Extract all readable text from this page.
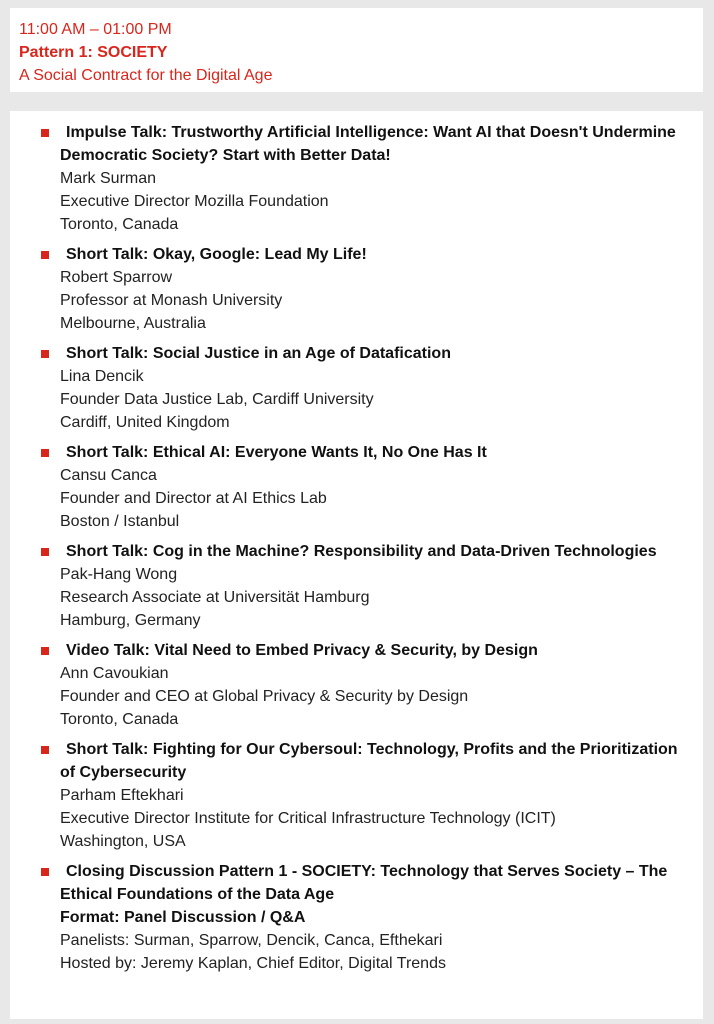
11:00 AM – 01:00 PM
Pattern 1: SOCIETY
A Social Contract for the Digital Age
Impulse Talk: Trustworthy Artificial Intelligence: Want AI that Doesn't Undermine Democratic Society? Start with Better Data!
Mark Surman
Executive Director Mozilla Foundation
Toronto, Canada
Short Talk: Okay, Google: Lead My Life!
Robert Sparrow
Professor at Monash University
Melbourne, Australia
Short Talk: Social Justice in an Age of Datafication
Lina Dencik
Founder Data Justice Lab, Cardiff University
Cardiff, United Kingdom
Short Talk: Ethical AI: Everyone Wants It, No One Has It
Cansu Canca
Founder and Director at AI Ethics Lab
Boston / Istanbul
Short Talk: Cog in the Machine? Responsibility and Data-Driven Technologies
Pak-Hang Wong
Research Associate at Universität Hamburg
Hamburg, Germany
Video Talk: Vital Need to Embed Privacy & Security, by Design
Ann Cavoukian
Founder and CEO at Global Privacy & Security by Design
Toronto, Canada
Short Talk: Fighting for Our Cybersoul: Technology, Profits and the Prioritization of Cybersecurity
Parham Eftekhari
Executive Director Institute for Critical Infrastructure Technology (ICIT)
Washington, USA
Closing Discussion Pattern 1 - SOCIETY: Technology that Serves Society – The Ethical Foundations of the Data Age
Format: Panel Discussion / Q&A
Panelists: Surman, Sparrow, Dencik, Canca, Efthekari
Hosted by: Jeremy Kaplan, Chief Editor, Digital Trends
